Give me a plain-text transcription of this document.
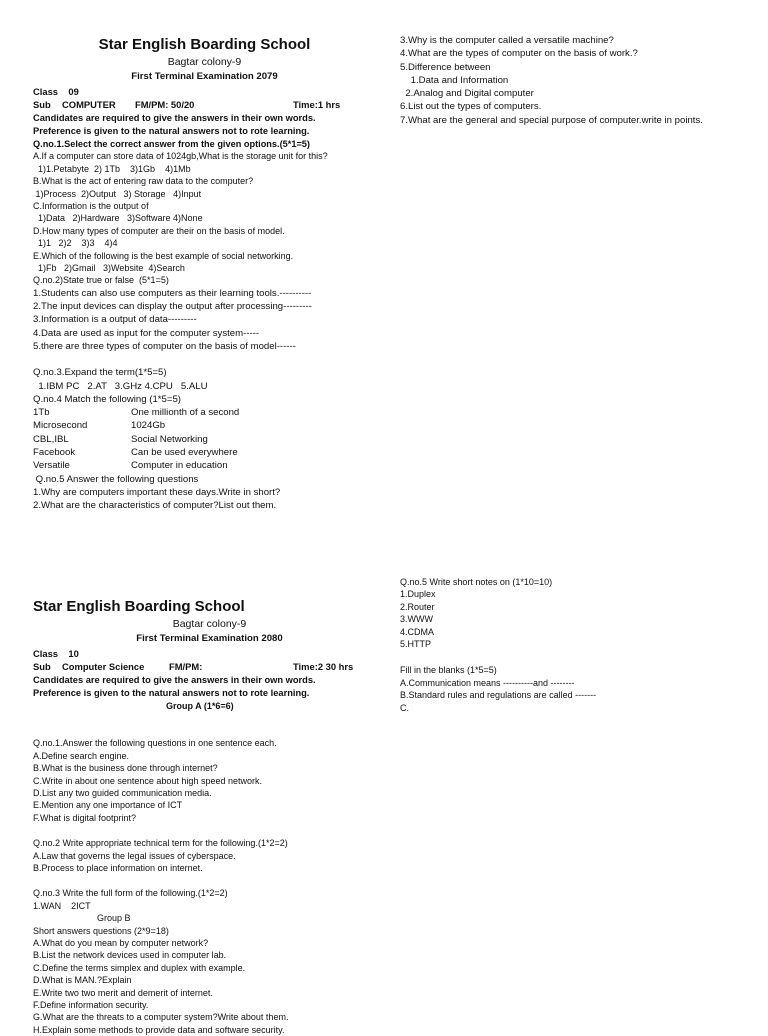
Star English Boarding School
Bagtar colony-9
First Terminal Examination 2079
Class    09
Sub COMPUTER FM/PM: 50/20	Time:1 hrs
Candidates are required to give the answers in their own words. Preference is given to the natural answers not to rote learning.
Q.no.1.Select the correct answer from the given options.(5*1=5)
A.If a computer can store data of 1024gb,What is the storage unit for this?
1)1.Petabyte  2) 1Tb    3)1Gb    4)1Mb
B.What is the act of entering raw data to the computer?
1)Process  2)Output   3) Storage   4)Input
C.Information is the output of
1)Data   2)Hardware   3)Software 4)None
D.How many types of computer are their on the basis of model.
1)1   2)2    3)3    4)4
E.Which of the following is the best example of social networking.
1)Fb   2)Gmail   3)Website  4)Search
Q.no.2)State true or false  (5*1=5)
1.Students can also use computers as their learning tools.----------
2.The input devices can display the output after processing---------
3.Information is a output of data---------
4.Data are used as input for the computer system-----
5.there are three types of computer on the basis of model------
Q.no.3.Expand the term(1*5=5)
1.IBM PC   2.AT   3.GHz 4.CPU   5.ALU
Q.no.4 Match the following (1*5=5)
1Tb	One millionth of a second
Microsecond	1024Gb
CBL,IBL	Social Networking
Facebook	Can be used everywhere
Versatile	Computer in education
Q.no.5 Answer the following questions
1.Why are computers important these days.Write in short?
2.What are the characteristics of computer?List out them.
3.Why is the computer called a versatile machine?
4.What are the types of computer on the basis of work.?
5.Difference between
1.Data and Information
2.Analog and Digital computer
6.List out the types of computers.
7.What are the general and special purpose of computer.write in points.
Star English Boarding School
Bagtar colony-9
First Terminal Examination 2080
Class    10
Sub Computer Science	FM/PM:	Time:2 30 hrs
Candidates are required to give the answers in their own words. Preference is given to the natural answers not to rote learning.
Group A (1*6=6)
Q.no.1.Answer the following questions in one sentence each.
A.Define search engine.
B.What is the business done through internet?
C.Write in about one sentence about high speed network.
D.List any two guided communication media.
E.Mention any one importance of ICT
F.What is digital footprint?
Q.no.2 Write appropriate technical term for the following.(1*2=2)
A.Law that governs the legal issues of cyberspace.
B.Process to place information on internet.
Q.no.3 Write the full form of the following.(1*2=2)
1.WAN    2ICT
Group B
Short answers questions (2*9=18)
A.What do you mean by computer network?
B.List the network devices used in computer lab.
C.Define the terms simplex and duplex with example.
D.What is MAN.?Explain
E.Write two two merit and demerit of internet.
F.Define information security.
G.What are the threats to a computer system?Write about them.
H.Explain some methods to provide data and software security.
Q.no.5 Write short notes on (1*10=10)
1.Duplex
2.Router
3.WWW
4.CDMA
5.HTTP
Fill in the blanks (1*5=5)
A.Communication means ----------and --------
B.Standard rules and regulations are called -------
C.
